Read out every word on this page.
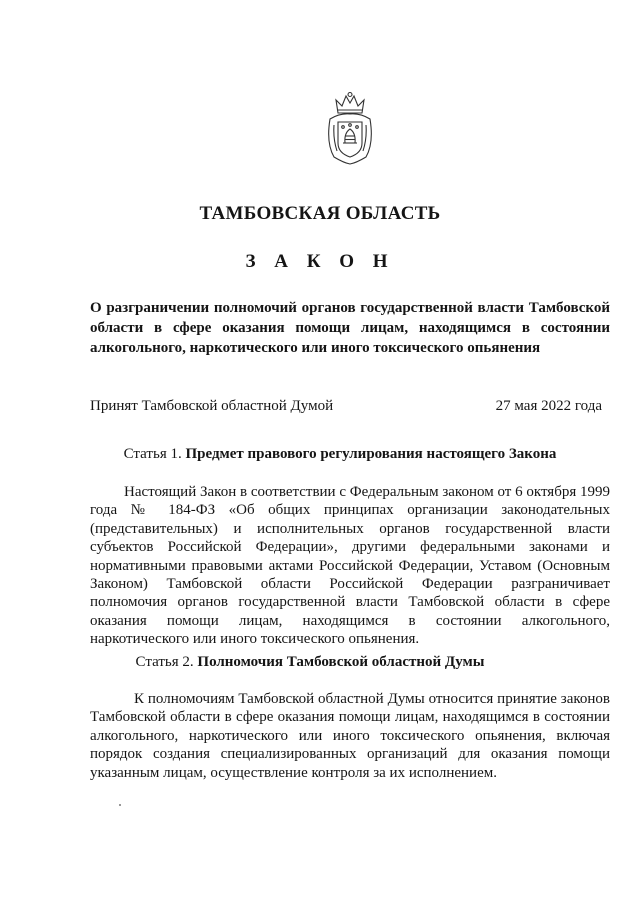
ТАМБОВСКАЯ ОБЛАСТЬ
З А К О Н
О разграничении полномочий органов государственной власти Тамбовской области в сфере оказания помощи лицам, находящимся в состоянии алкогольного, наркотического или иного токсического опьянения
Принят Тамбовской областной Думой	27 мая 2022 года
Статья 1. Предмет правового регулирования настоящего Закона
Настоящий Закон в соответствии с Федеральным законом от 6 октября 1999 года № 184-ФЗ «Об общих принципах организации законодательных (представительных) и исполнительных органов государственной власти субъектов Российской Федерации», другими федеральными законами и нормативными правовыми актами Российской Федерации, Уставом (Основным Законом) Тамбовской области Российской Федерации разграничивает полномочия органов государственной власти Тамбовской области в сфере оказания помощи лицам, находящимся в состоянии алкогольного, наркотического или иного токсического опьянения.
Статья 2. Полномочия Тамбовской областной Думы
К полномочиям Тамбовской областной Думы относится принятие законов Тамбовской области в сфере оказания помощи лицам, находящимся в состоянии алкогольного, наркотического или иного токсического опьянения, включая порядок создания специализированных организаций для оказания помощи указанным лицам, осуществление контроля за их исполнением.
